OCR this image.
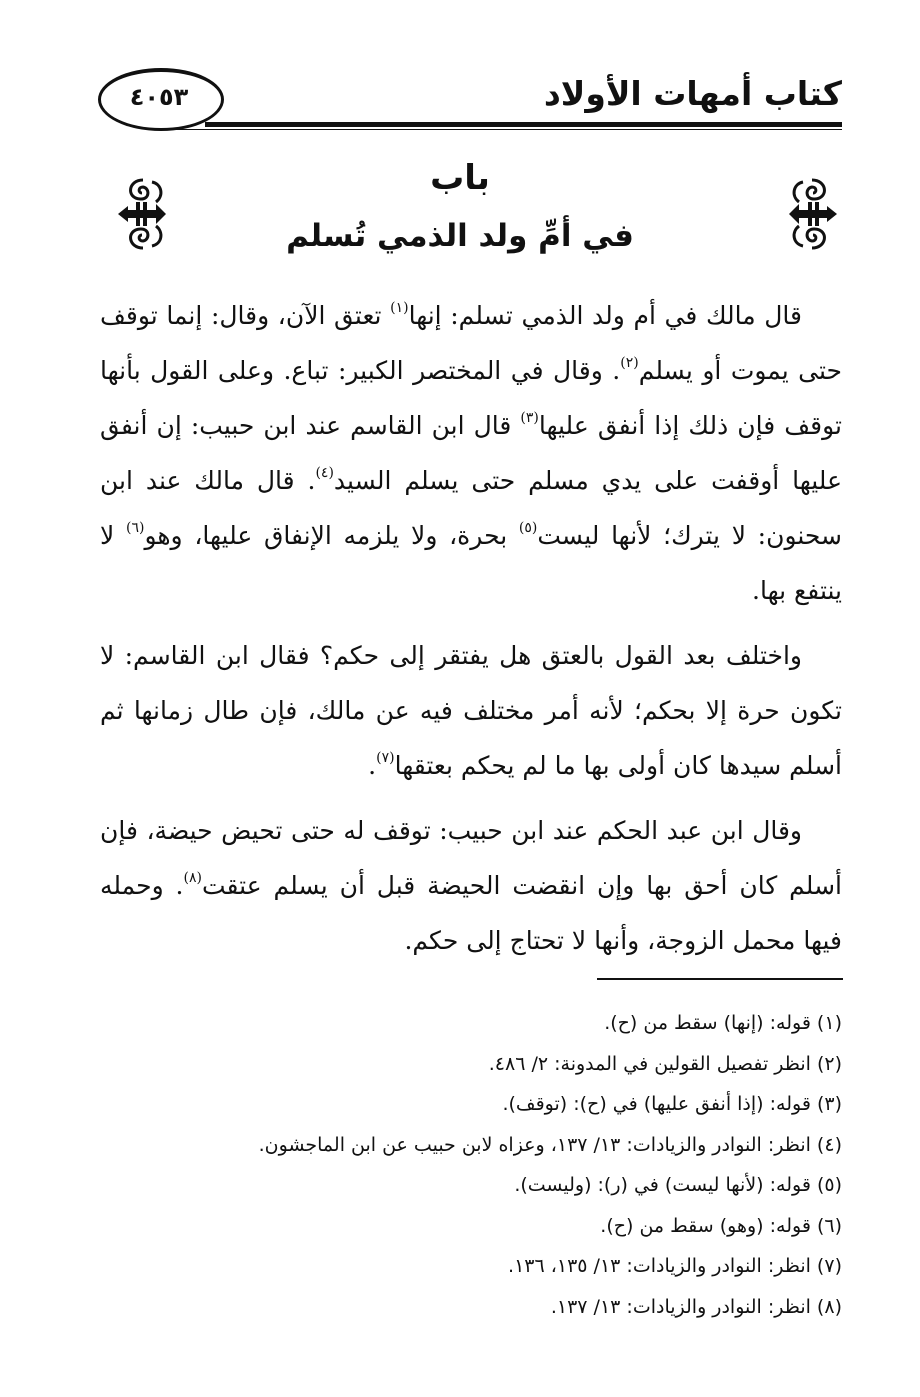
كتاب أمهات الأولاد
٤٠٥٣
باب
في أمِّ ولد الذمي تُسلم

قال مالك في أم ولد الذمي تسلم: إنها$^{(١)}$ تعتق الآن، وقال: إنما توقف حتى يموت أو يسلم$^{(٢)}$. وقال في المختصر الكبير: تباع. وعلى القول بأنها توقف فإن ذلك إذا أنفق عليها$^{(٣)}$ قال ابن القاسم عند ابن حبيب: إن أنفق عليها أوقفت على يدي مسلم حتى يسلم السيد$^{(٤)}$. قال مالك عند ابن سحنون: لا يترك؛ لأنها ليست$^{(٥)}$ بحرة، ولا يلزمه الإنفاق عليها، وهو$^{(٦)}$ لا ينتفع بها.

واختلف بعد القول بالعتق هل يفتقر إلى حكم؟ فقال ابن القاسم: لا تكون حرة إلا بحكم؛ لأنه أمر مختلف فيه عن مالك، فإن طال زمانها ثم أسلم سيدها كان أولى بها ما لم يحكم بعتقها$^{(٧)}$.

وقال ابن عبد الحكم عند ابن حبيب: توقف له حتى تحيض حيضة، فإن أسلم كان أحق بها وإن انقضت الحيضة قبل أن يسلم عتقت$^{(٨)}$. وحمله فيها محمل الزوجة، وأنها لا تحتاج إلى حكم.

(١) قوله: (إنها) سقط من (ح).
(٢) انظر تفصيل القولين في المدونة: ٢/ ٤٨٦.
(٣) قوله: (إذا أنفق عليها) في (ح): (توقف).
(٤) انظر: النوادر والزيادات: ١٣/ ١٣٧، وعزاه لابن حبيب عن ابن الماجشون.
(٥) قوله: (لأنها ليست) في (ر): (وليست).
(٦) قوله: (وهو) سقط من (ح).
(٧) انظر: النوادر والزيادات: ١٣/ ١٣٥، ١٣٦.
(٨) انظر: النوادر والزيادات: ١٣/ ١٣٧.
